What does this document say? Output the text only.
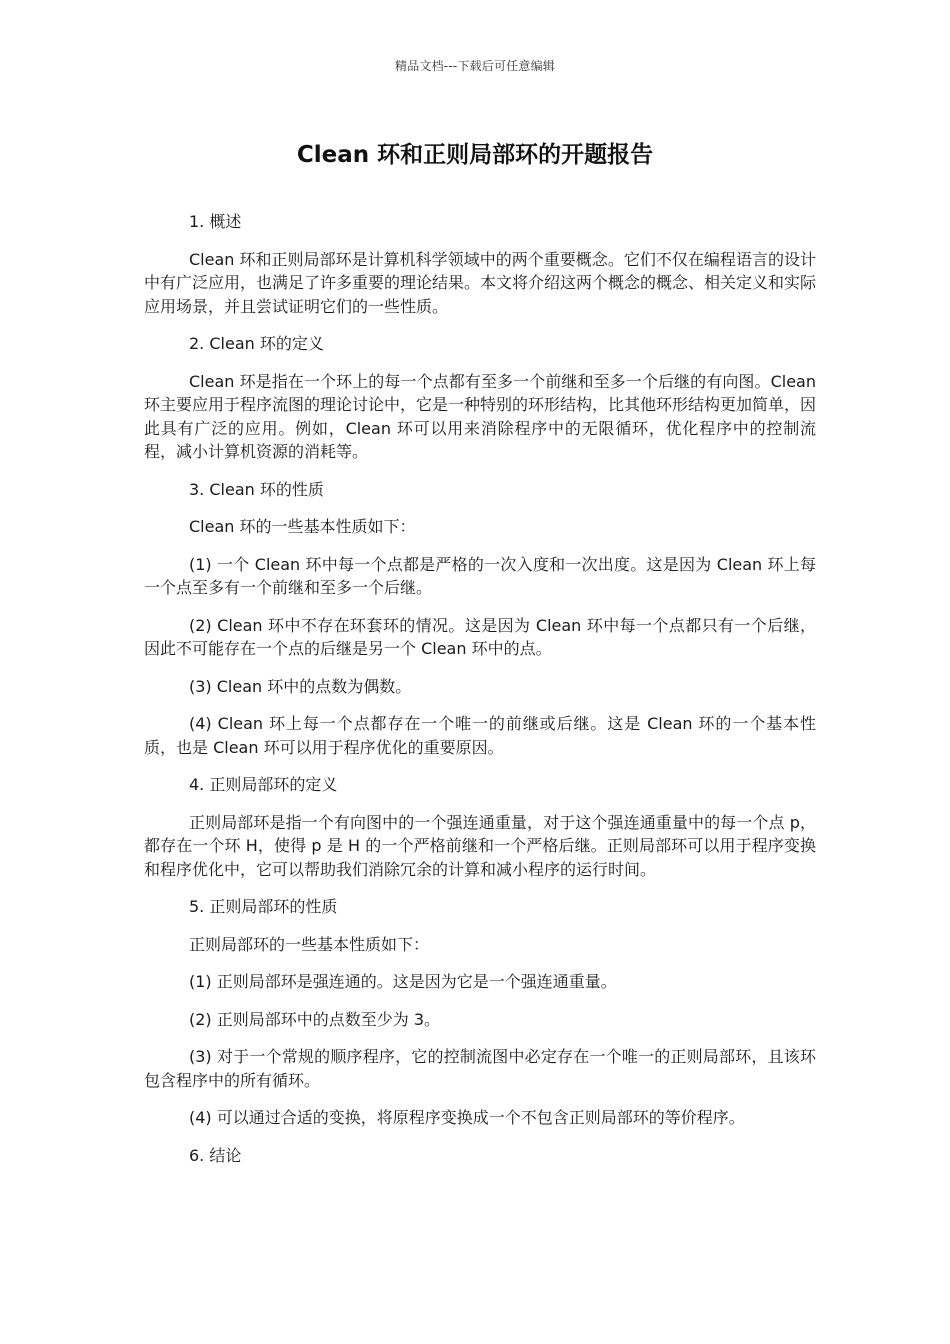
精品文档---下载后可任意编辑
Clean 环和正则局部环的开题报告

1. 概述

Clean 环和正则局部环是计算机科学领域中的两个重要概念。它们不仅在编程语言的设计中有广泛应用，也满足了许多重要的理论结果。本文将介绍这两个概念的概念、相关定义和实际应用场景，并且尝试证明它们的一些性质。

2. Clean 环的定义

Clean 环是指在一个环上的每一个点都有至多一个前继和至多一个后继的有向图。Clean 环主要应用于程序流图的理论讨论中，它是一种特别的环形结构，比其他环形结构更加简单，因此具有广泛的应用。例如，Clean 环可以用来消除程序中的无限循环，优化程序中的控制流程，减小计算机资源的消耗等。

3. Clean 环的性质

Clean 环的一些基本性质如下：

(1) 一个 Clean 环中每一个点都是严格的一次入度和一次出度。这是因为 Clean 环上每一个点至多有一个前继和至多一个后继。

(2) Clean 环中不存在环套环的情况。这是因为 Clean 环中每一个点都只有一个后继，因此不可能存在一个点的后继是另一个 Clean 环中的点。

(3) Clean 环中的点数为偶数。

(4) Clean 环上每一个点都存在一个唯一的前继或后继。这是 Clean 环的一个基本性质，也是 Clean 环可以用于程序优化的重要原因。

4. 正则局部环的定义

正则局部环是指一个有向图中的一个强连通重量，对于这个强连通重量中的每一个点 p，都存在一个环 H，使得 p 是 H 的一个严格前继和一个严格后继。正则局部环可以用于程序变换和程序优化中，它可以帮助我们消除冗余的计算和减小程序的运行时间。

5. 正则局部环的性质

正则局部环的一些基本性质如下：

(1) 正则局部环是强连通的。这是因为它是一个强连通重量。

(2) 正则局部环中的点数至少为 3。

(3) 对于一个常规的顺序程序，它的控制流图中必定存在一个唯一的正则局部环，且该环包含程序中的所有循环。

(4) 可以通过合适的变换，将原程序变换成一个不包含正则局部环的等价程序。

6. 结论
